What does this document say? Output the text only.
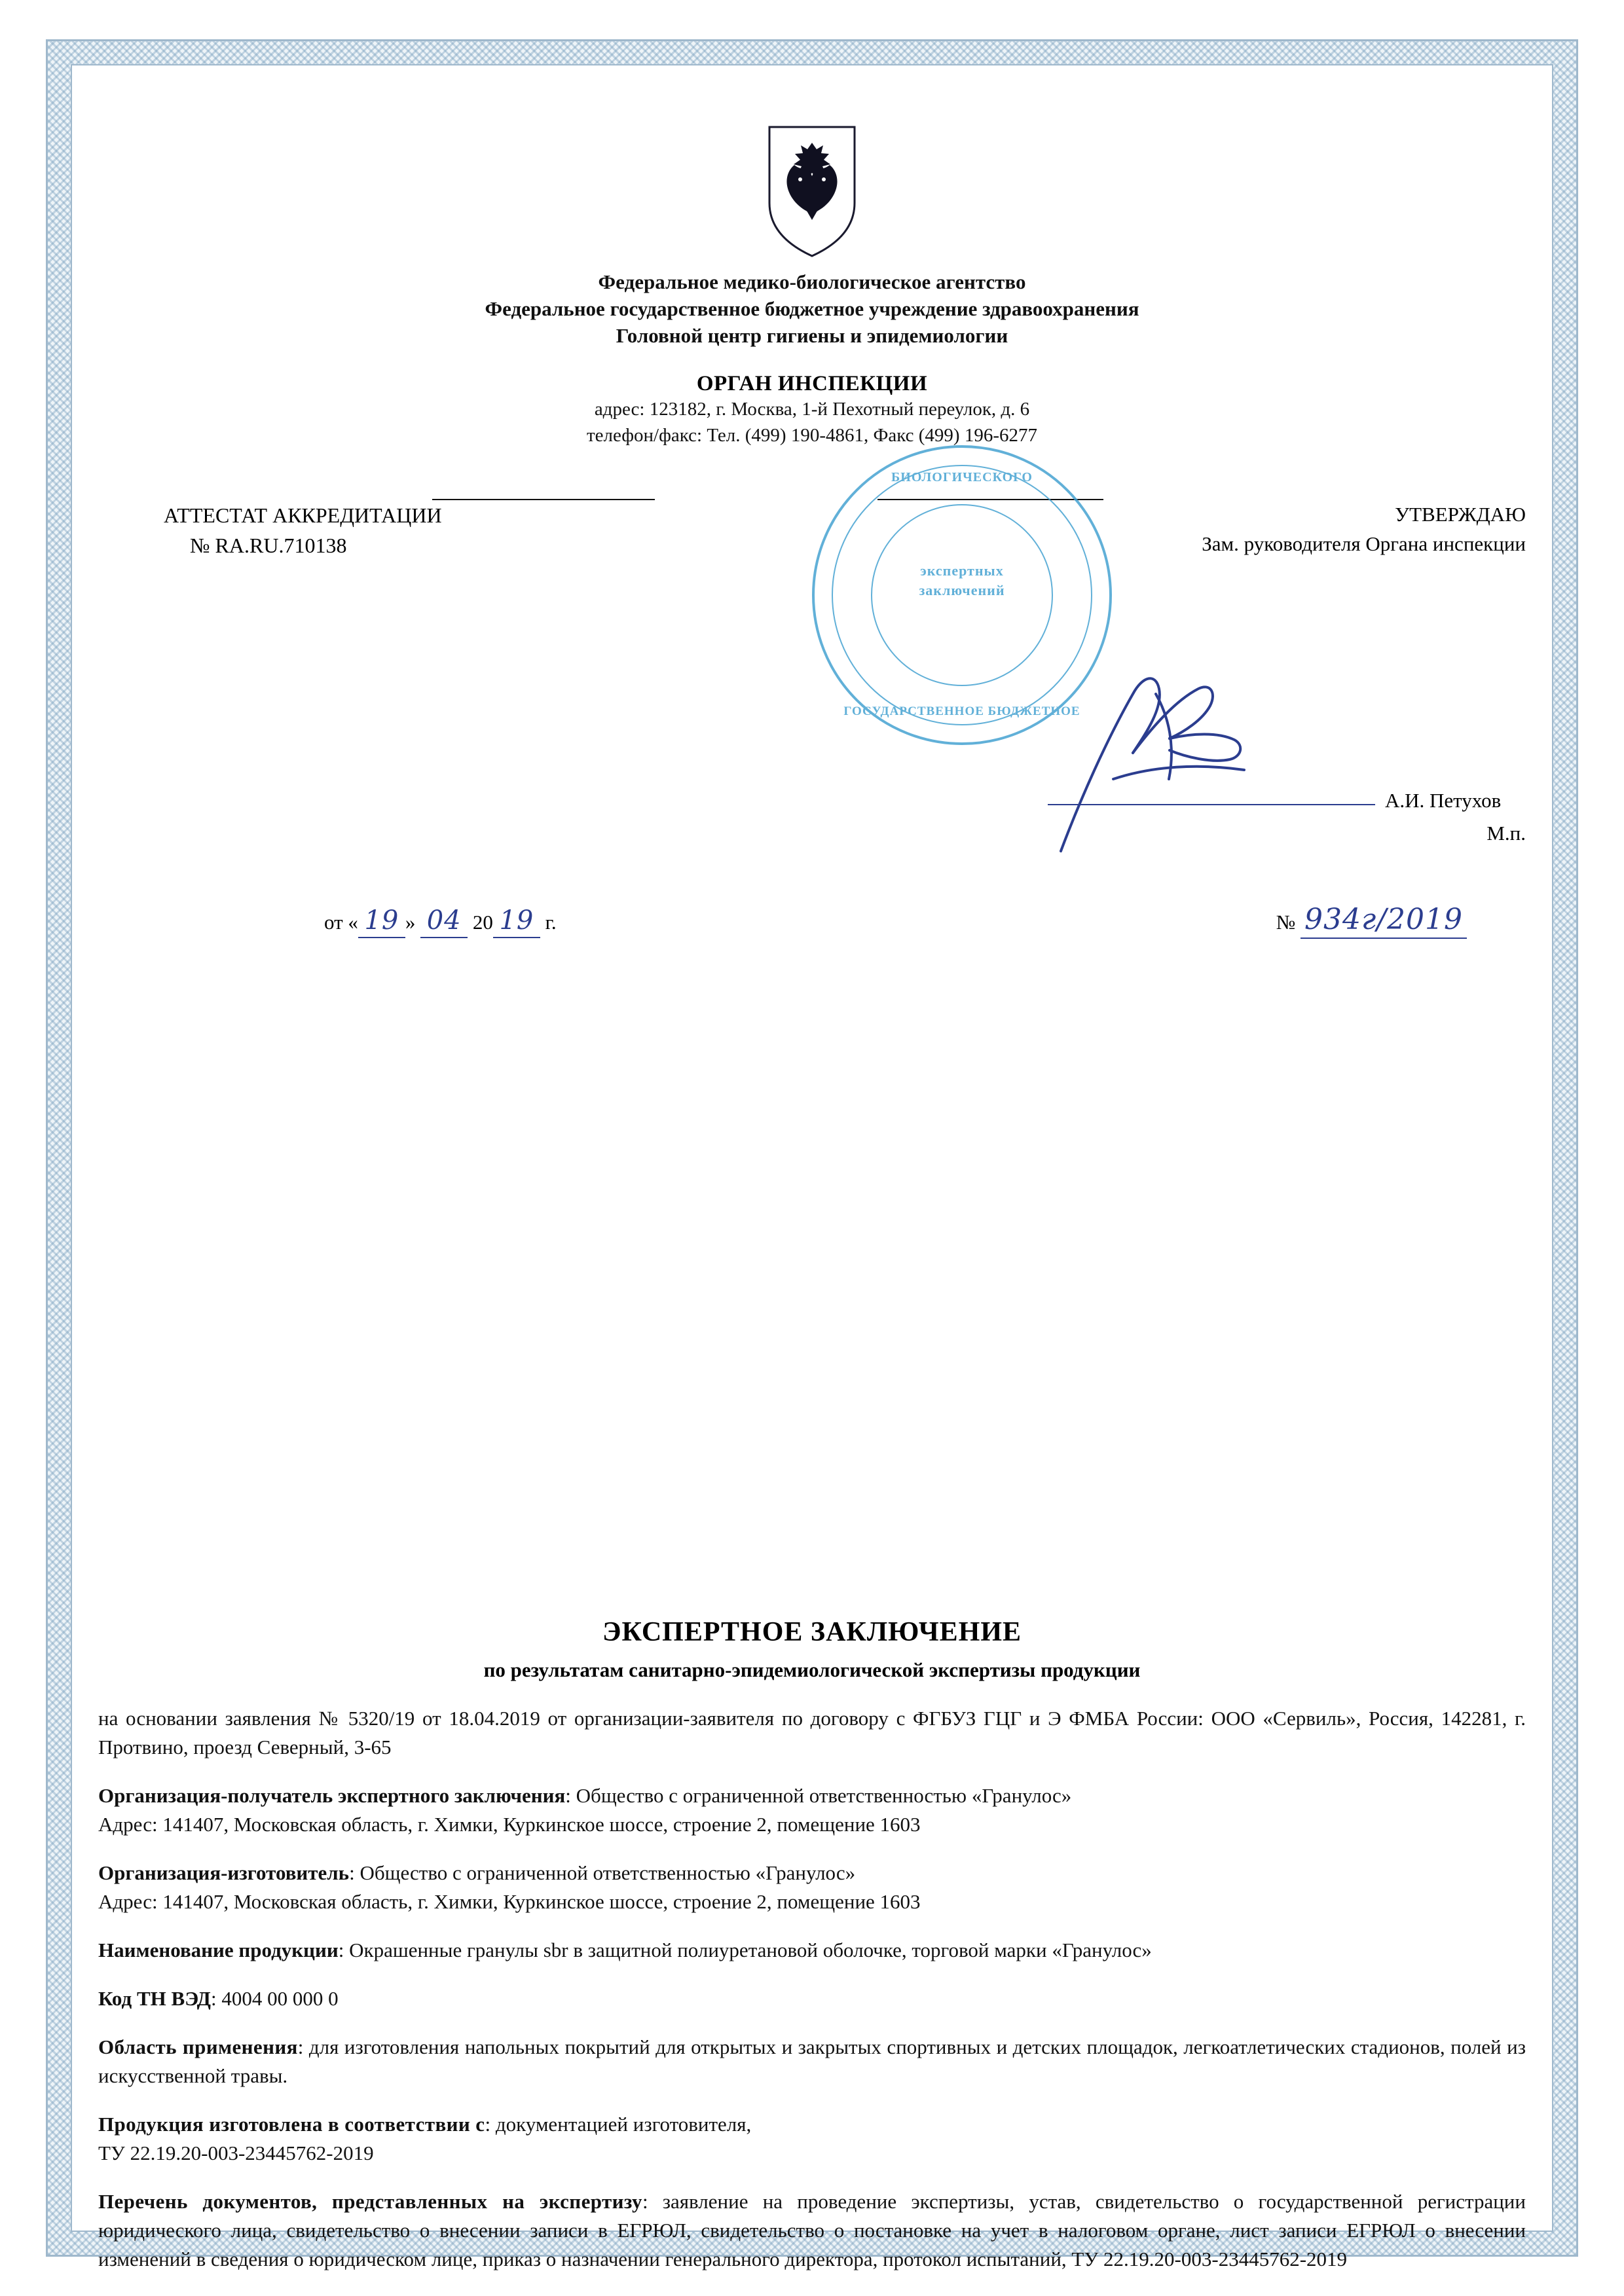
Федеральное медико-биологическое агентство
Федеральное государственное бюджетное учреждение здравоохранения
Головной центр гигиены и эпидемиологии
ОРГАН ИНСПЕКЦИИ
адрес: 123182, г. Москва, 1-й Пехотный переулок, д. 6
телефон/факс: Тел. (499) 190-4861, Факс (499) 196-6277
АТТЕСТАТ АККРЕДИТАЦИИ
№ RA.RU.710138
УТВЕРЖДАЮ
Зам. руководителя Органа инспекции
А.И. Петухов
М.п.
от « 19 » 04 20 19 г.	№ 934г/2019
ЭКСПЕРТНОЕ ЗАКЛЮЧЕНИЕ
по результатам санитарно-эпидемиологической экспертизы продукции
на основании заявления № 5320/19 от 18.04.2019 от организации-заявителя по договору с ФГБУЗ ГЦГ и Э ФМБА России: ООО «Сервиль», Россия, 142281, г. Протвино, проезд Северный, 3-65
Организация-получатель экспертного заключения: Общество с ограниченной ответственностью «Гранулос»
Адрес: 141407, Московская область, г. Химки, Куркинское шоссе, строение 2, помещение 1603
Организация-изготовитель: Общество с ограниченной ответственностью «Гранулос»
Адрес: 141407, Московская область, г. Химки, Куркинское шоссе, строение 2, помещение 1603
Наименование продукции: Окрашенные гранулы sbr в защитной полиуретановой оболочке, торговой марки «Гранулос»
Код ТН ВЭД: 4004 00 000 0
Область применения: для изготовления напольных покрытий для открытых и закрытых спортивных и детских площадок, легкоатлетических стадионов, полей из искусственной травы.
Продукция изготовлена в соответствии с: документацией изготовителя,
ТУ 22.19.20-003-23445762-2019
Перечень документов, представленных на экспертизу: заявление на проведение экспертизы, устав, свидетельство о государственной регистрации юридического лица, свидетельство о внесении записи в ЕГРЮЛ, свидетельство о постановке на учет в налоговом органе, лист записи ЕГРЮЛ о внесении изменений в сведения о юридическом лице, приказ о назначении генерального директора, протокол испытаний, ТУ 22.19.20-003-23445762-2019
БИОЛОГИЧЕСКОГО
экспертных
заключений
ГОСУДАРСТВЕННОЕ БЮДЖЕТНОЕ
